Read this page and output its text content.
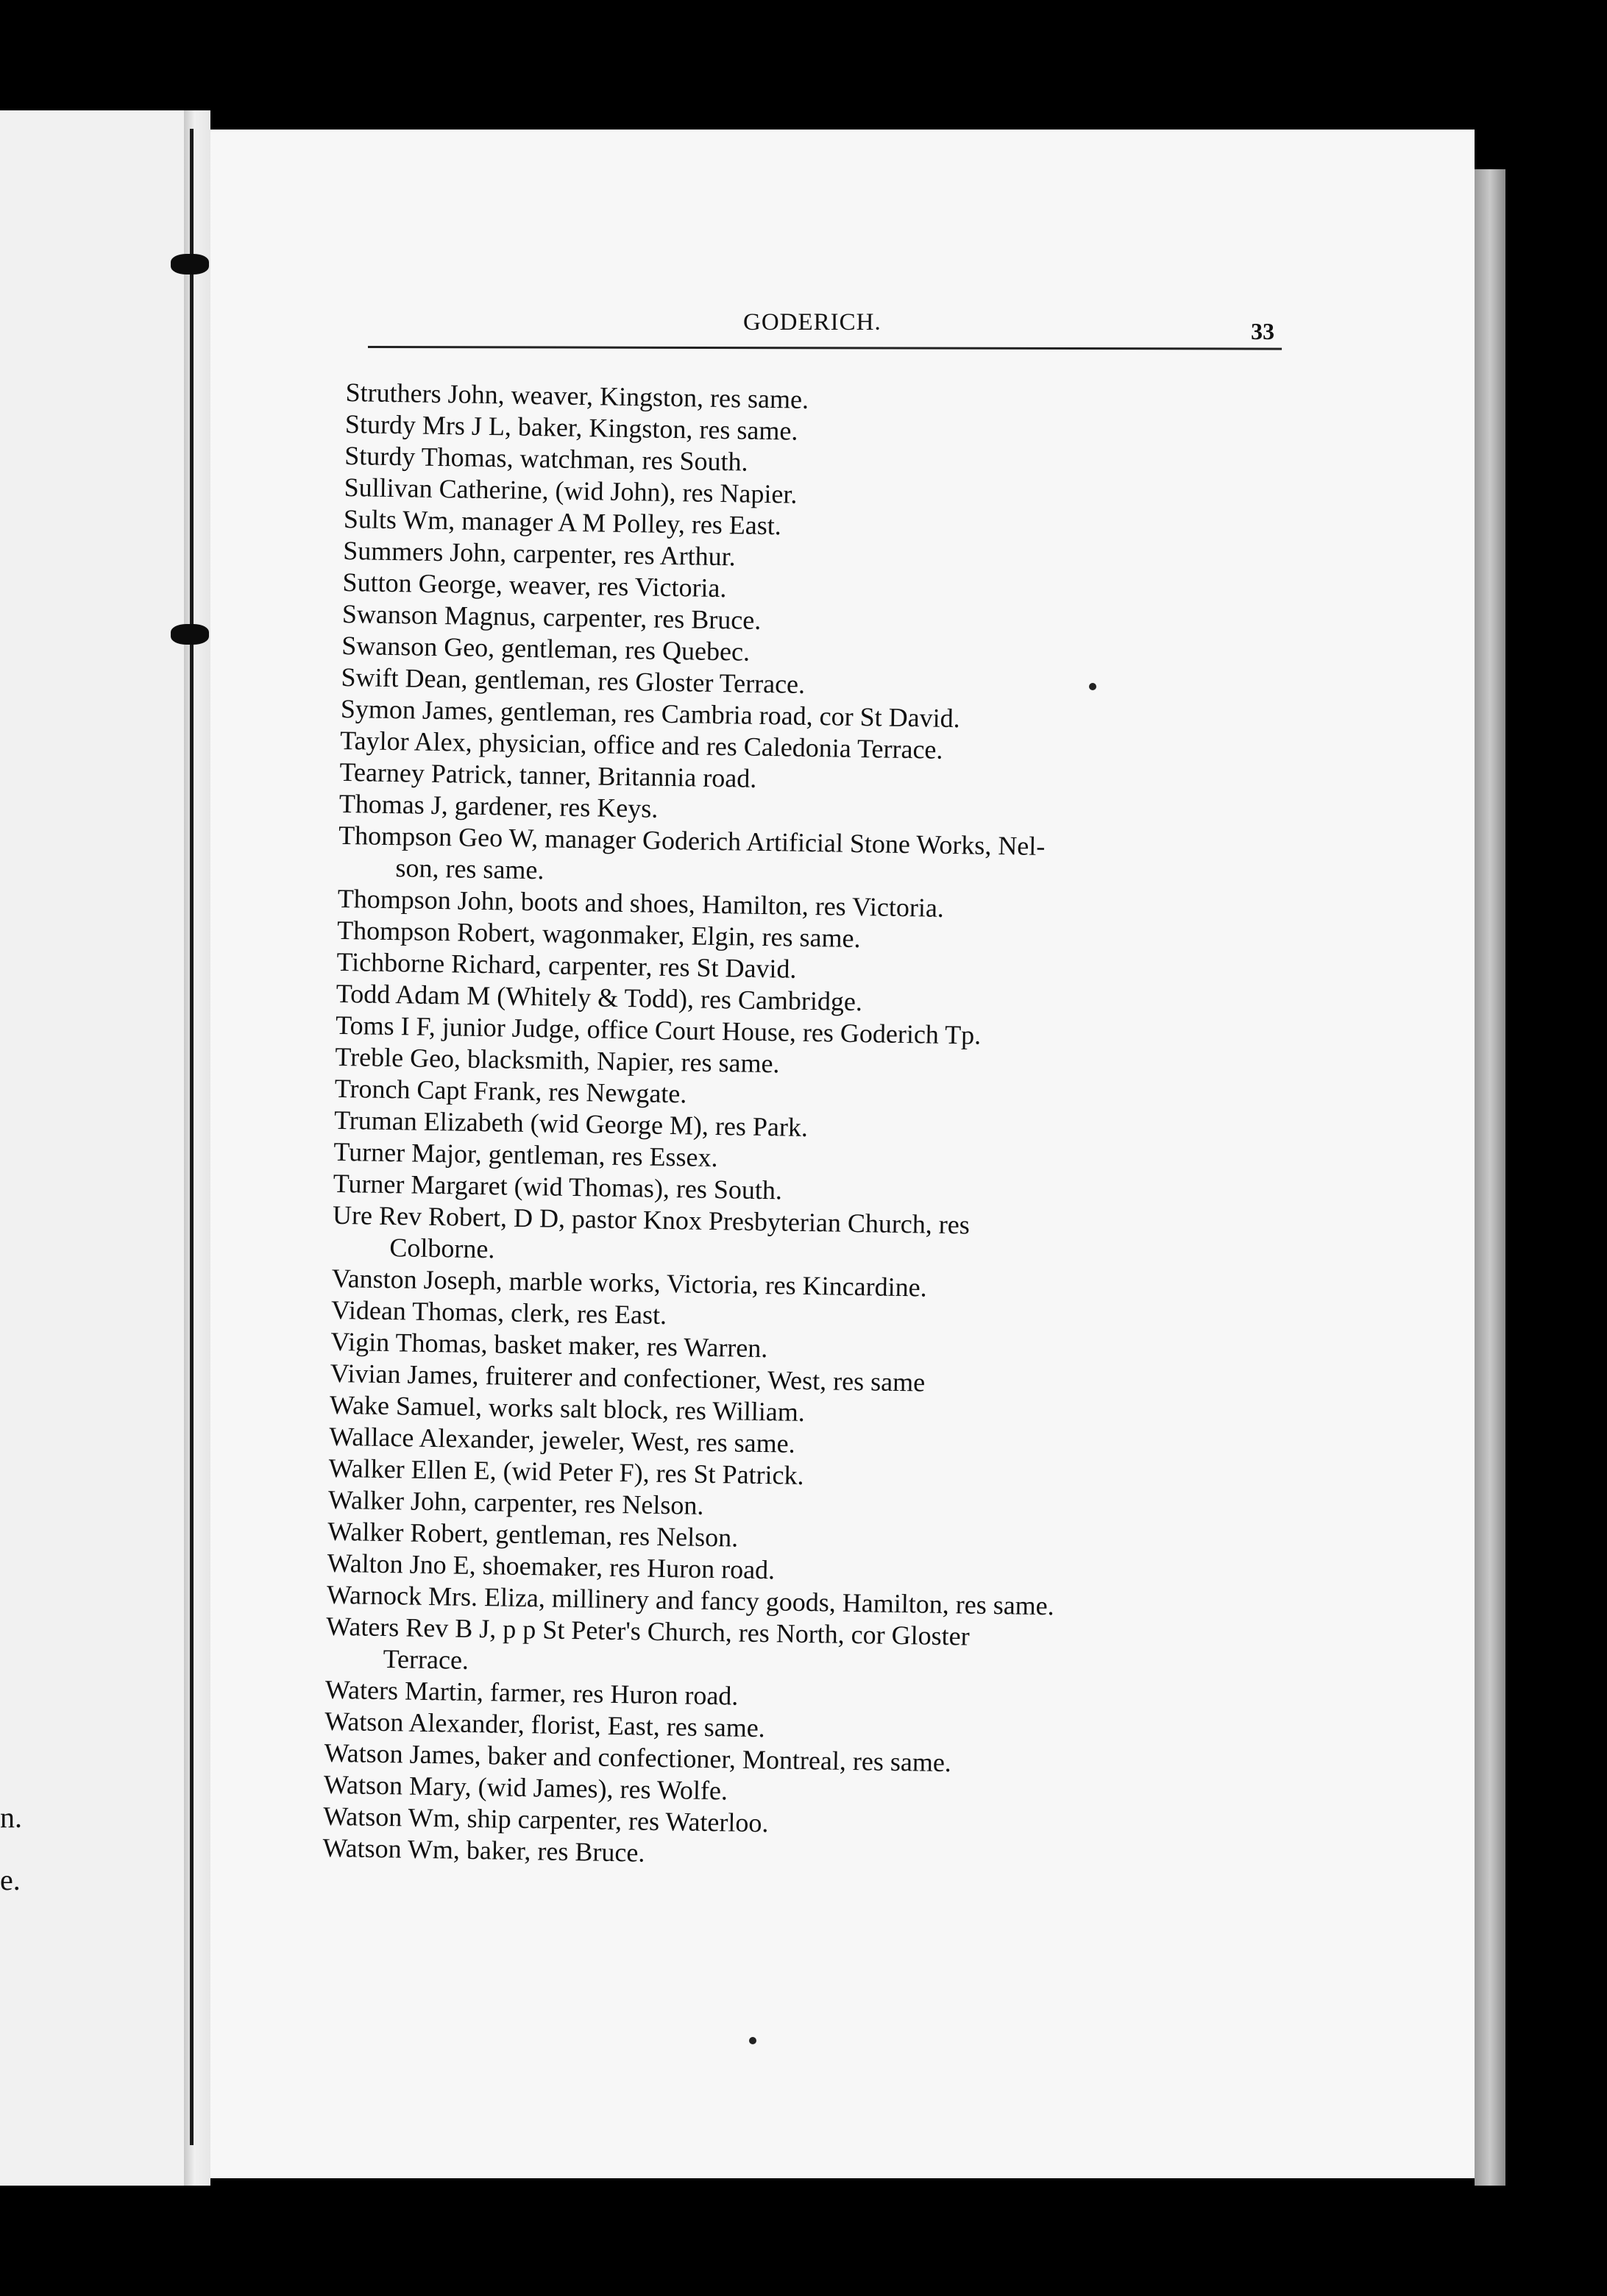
n.
e.
GODERICH.	33

Struthers John, weaver, Kingston, res same.

Sturdy Mrs J L, baker, Kingston, res same.

Sturdy Thomas, watchman, res South.

Sullivan Catherine, (wid John), res Napier.

Sults Wm, manager A M Polley, res East.

Summers John, carpenter, res Arthur.

Sutton George, weaver, res Victoria.

Swanson Magnus, carpenter, res Bruce.

Swanson Geo, gentleman, res Quebec.

Swift Dean, gentleman, res Gloster Terrace.

Symon James, gentleman, res Cambria road, cor St David.

Taylor Alex, physician, office and res Caledonia Terrace.

Tearney Patrick, tanner, Britannia road.

Thomas J, gardener, res Keys.

Thompson Geo W, manager Goderich Artificial Stone Works, Nel-

son, res same.

Thompson John, boots and shoes, Hamilton, res Victoria.

Thompson Robert, wagonmaker, Elgin, res same.

Tichborne Richard, carpenter, res St David.

Todd Adam M (Whitely & Todd), res Cambridge.

Toms I F, junior Judge, office Court House, res Goderich Tp.

Treble Geo, blacksmith, Napier, res same.

Tronch Capt Frank, res Newgate.

Truman Elizabeth (wid George M), res Park.

Turner Major, gentleman, res Essex.

Turner Margaret (wid Thomas), res South.

Ure Rev Robert, D D, pastor Knox Presbyterian Church, res

Colborne.

Vanston Joseph, marble works, Victoria, res Kincardine.

Videan Thomas, clerk, res East.

Vigin Thomas, basket maker, res Warren.

Vivian James, fruiterer and confectioner, West, res same

Wake Samuel, works salt block, res William.

Wallace Alexander, jeweler, West, res same.

Walker Ellen E, (wid Peter F), res St Patrick.

Walker John, carpenter, res Nelson.

Walker Robert, gentleman, res Nelson.

Walton Jno E, shoemaker, res Huron road.

Warnock Mrs. Eliza, millinery and fancy goods, Hamilton, res same.

Waters Rev B J, p p St Peter's Church, res North, cor Gloster

Terrace.

Waters Martin, farmer, res Huron road.

Watson Alexander, florist, East, res same.

Watson James, baker and confectioner, Montreal, res same.

Watson Mary, (wid James), res Wolfe.

Watson Wm, ship carpenter, res Waterloo.

Watson Wm, baker, res Bruce.
